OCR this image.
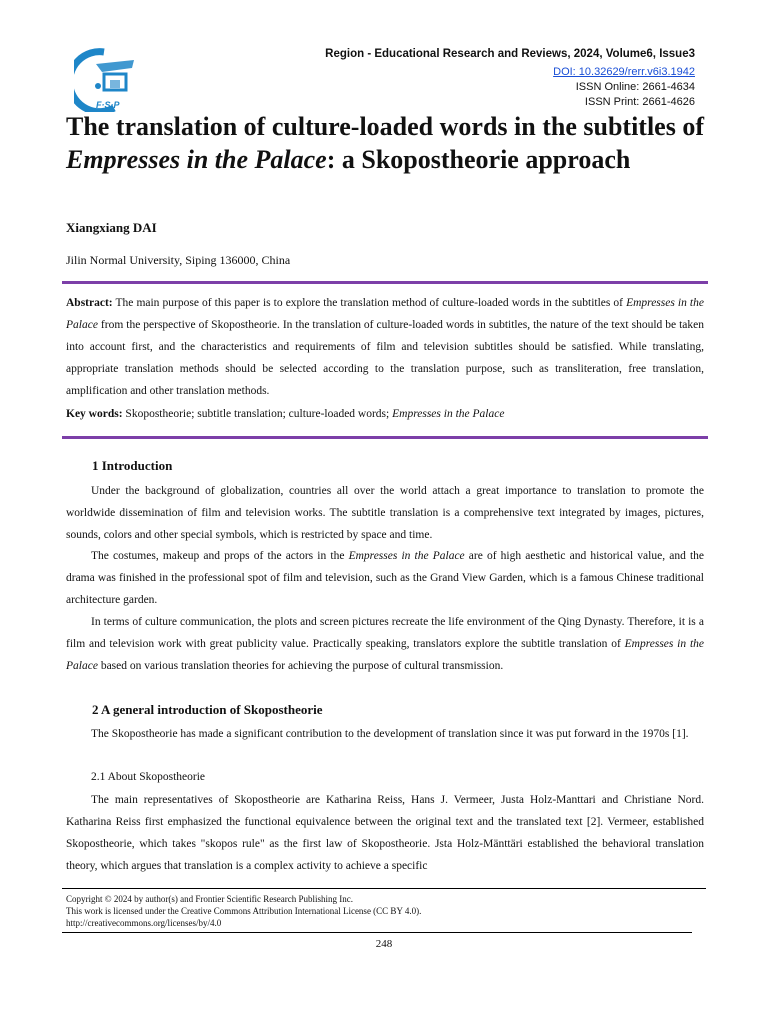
F·S·P
Region - Educational Research and Reviews, 2024, Volume6, Issue3
DOI: 10.32629/rerr.v6i3.1942
ISSN Online: 2661-4634
ISSN Print: 2661-4626
The translation of culture-loaded words in the subtitles of Empresses in the Palace: a Skopostheorie approach
Xiangxiang DAI
Jilin Normal University, Siping 136000, China
Abstract: The main purpose of this paper is to explore the translation method of culture-loaded words in the subtitles of Empresses in the Palace from the perspective of Skopostheorie. In the translation of culture-loaded words in subtitles, the nature of the text should be taken into account first, and the characteristics and requirements of film and television subtitles should be satisfied. While translating, appropriate translation methods should be selected according to the translation purpose, such as transliteration, free translation, amplification and other translation methods.
Key words: Skopostheorie; subtitle translation; culture-loaded words; Empresses in the Palace
1 Introduction
Under the background of globalization, countries all over the world attach a great importance to translation to promote the worldwide dissemination of film and television works. The subtitle translation is a comprehensive text integrated by images, pictures, sounds, colors and other special symbols, which is restricted by space and time.
The costumes, makeup and props of the actors in the Empresses in the Palace are of high aesthetic and historical value, and the drama was finished in the professional spot of film and television, such as the Grand View Garden, which is a famous Chinese traditional architecture garden.
In terms of culture communication, the plots and screen pictures recreate the life environment of the Qing Dynasty. Therefore, it is a film and television work with great publicity value. Practically speaking, translators explore the subtitle translation of Empresses in the Palace based on various translation theories for achieving the purpose of cultural transmission.
2 A general introduction of Skopostheorie
The Skopostheorie has made a significant contribution to the development of translation since it was put forward in the 1970s [1].
2.1 About Skopostheorie
The main representatives of Skopostheorie are Katharina Reiss, Hans J. Vermeer, Justa Holz-Manttari and Christiane Nord. Katharina Reiss first emphasized the functional equivalence between the original text and the translated text [2]. Vermeer, established Skopostheorie, which takes "skopos rule" as the first law of Skopostheorie. Jsta Holz-Mänttäri established the behavioral translation theory, which argues that translation is a complex activity to achieve a specific
Copyright © 2024 by author(s) and Frontier Scientific Research Publishing Inc.
This work is licensed under the Creative Commons Attribution International License (CC BY 4.0).
http://creativecommons.org/licenses/by/4.0
248
